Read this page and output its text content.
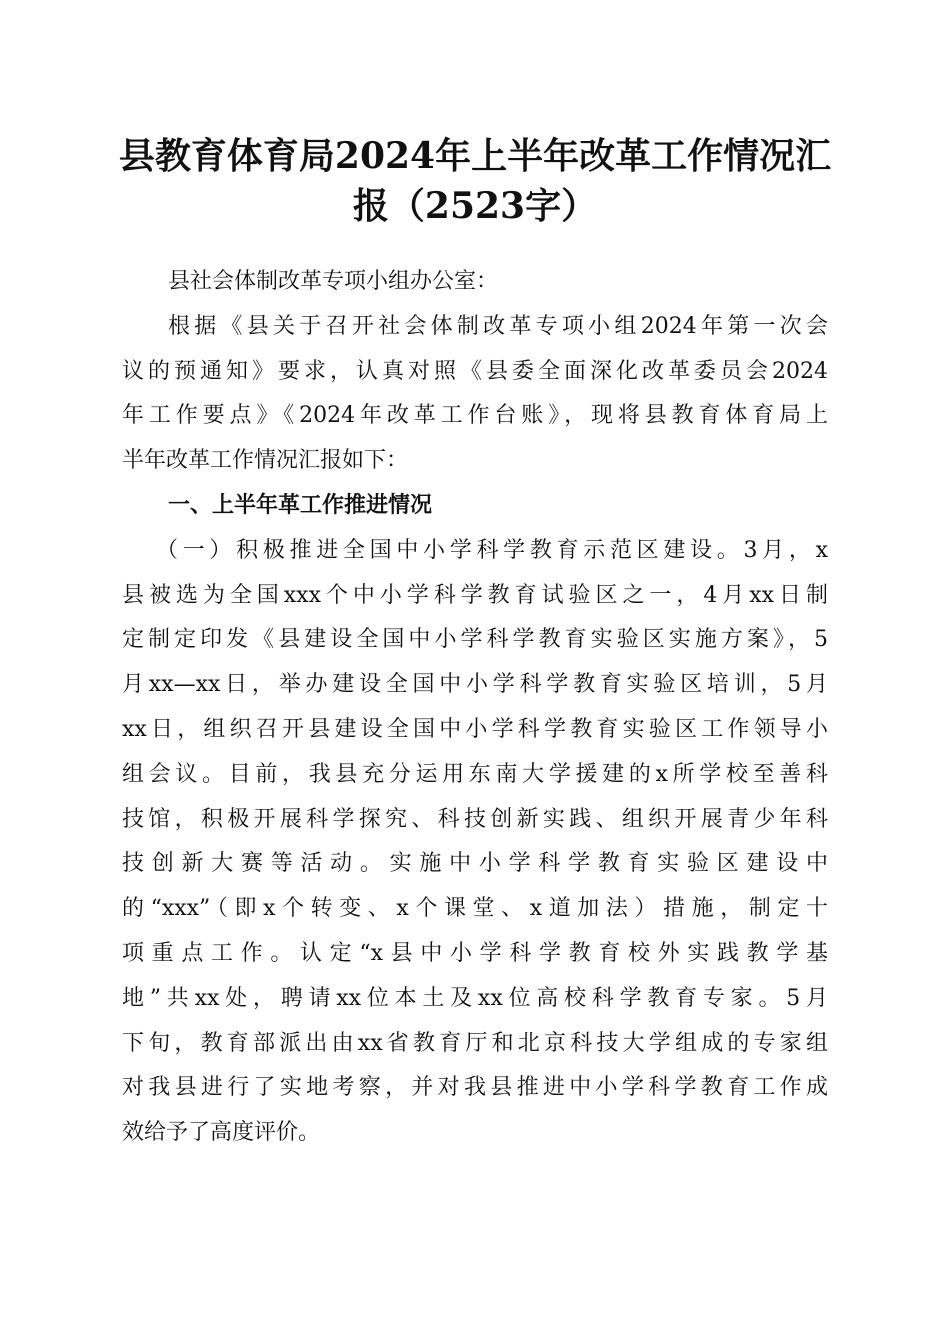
县教育体育局2024年上半年改革工作情况汇
报（2523字）
县社会体制改革专项小组办公室：
根据《县关于召开社会体制改革专项小组2024年第一次会
议的预通知》要求，认真对照《县委全面深化改革委员会2024
年工作要点》《2024年改革工作台账》，现将县教育体育局上
半年改革工作情况汇报如下：
一、上半年革工作推进情况
（一）积极推进全国中小学科学教育示范区建设。3月，x
县被选为全国xxx个中小学科学教育试验区之一，4月xx日制
定制定印发《县建设全国中小学科学教育实验区实施方案》，5
月xx—xx日，举办建设全国中小学科学教育实验区培训，5月
xx日，组织召开县建设全国中小学科学教育实验区工作领导小
组会议。目前，我县充分运用东南大学援建的x所学校至善科
技馆，积极开展科学探究、科技创新实践、组织开展青少年科
技创新大赛等活动。实施中小学科学教育实验区建设中
的“xxx”（即x个转变、x个课堂、x道加法）措施，制定十
项重点工作。认定“x县中小学科学教育校外实践教学基
地”共xx处，聘请xx位本土及xx位高校科学教育专家。5月
下旬，教育部派出由xx省教育厅和北京科技大学组成的专家组
对我县进行了实地考察，并对我县推进中小学科学教育工作成
效给予了高度评价。
